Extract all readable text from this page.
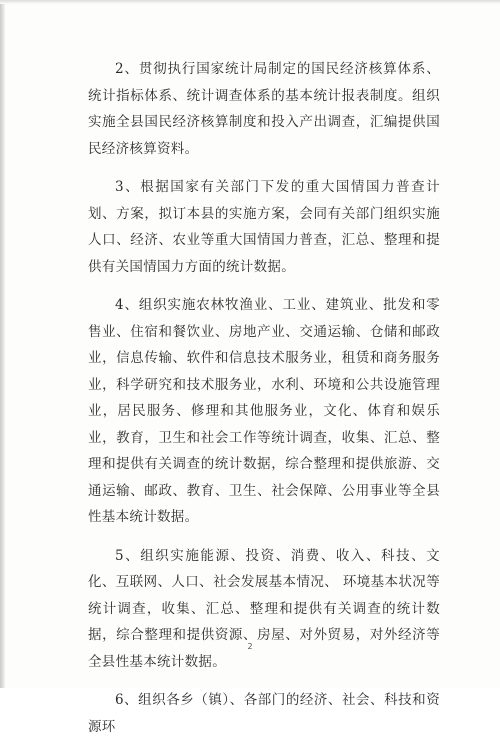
2、贯彻执行国家统计局制定的国民经济核算体系、统计指标体系、统计调查体系的基本统计报表制度。组织实施全县国民经济核算制度和投入产出调查，汇编提供国民经济核算资料。

3、根据国家有关部门下发的重大国情国力普查计划、方案，拟订本县的实施方案，会同有关部门组织实施人口、经济、农业等重大国情国力普查，汇总、整理和提供有关国情国力方面的统计数据。

4、组织实施农林牧渔业、工业、建筑业、批发和零售业、住宿和餐饮业、房地产业、交通运输、仓储和邮政业，信息传输、软件和信息技术服务业，租赁和商务服务业，科学研究和技术服务业，水利、环境和公共设施管理业，居民服务、修理和其他服务业，文化、体育和娱乐业，教育，卫生和社会工作等统计调查，收集、汇总、整理和提供有关调查的统计数据，综合整理和提供旅游、交通运输、邮政、教育、卫生、社会保障、公用事业等全县性基本统计数据。

5、组织实施能源、投资、消费、收入、科技、文化、互联网、人口、社会发展基本情况、 环境基本状况等统计调查，收集、汇总、整理和提供有关调查的统计数据，综合整理和提供资源、房屋、对外贸易，对外经济等全县性基本统计数据。

6、组织各乡（镇）、各部门的经济、社会、科技和资源环

2
